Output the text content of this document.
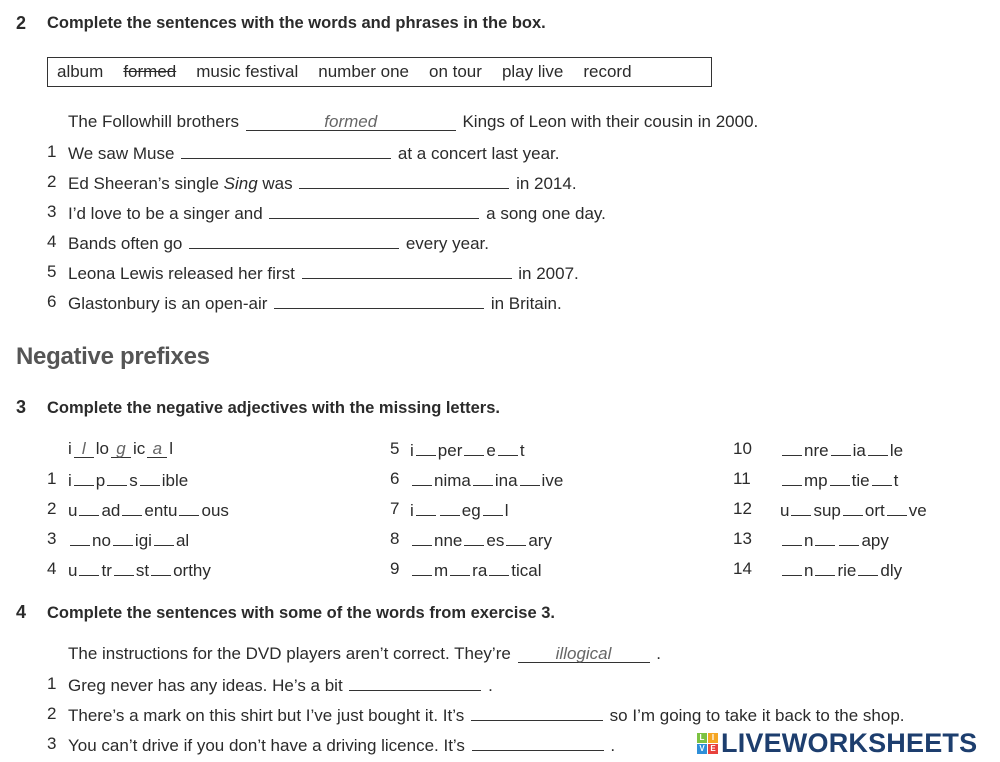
2 Complete the sentences with the words and phrases in the box.
album formed music festival number one on tour play live record
The Followhill brothers	formed	Kings of Leon with their cousin in 2000.
1 We saw Muse	at a concert last year.
2 Ed Sheeran’s single Sing was	in 2014.
3 I’d love to be a singer and	a song one day.
4 Bands often go	every year.
5 Leona Lewis released her first	in 2007.
6 Glastonbury is an open-air	in Britain.
Negative prefixes
3 Complete the negative adjectives with the missing letters.
i l lo g ic a l
1 i p s ible
2 u ad entu ous
3	no igi al
4 u tr st orthy
5 i per e t
6	nima ina ive
7 i	eg l
8	nne es ary
9	m ra tical
10	nre ia le
11	mp tie t
12 u sup ort ve
13	n	apy
14	n rie dly
4 Complete the sentences with some of the words from exercise 3.
The instructions for the DVD players aren’t correct. They’re illogical .
1 Greg never has any ideas. He’s a bit	.
2 There’s a mark on this shirt but I’ve just bought it. It’s	so I’m going to take it back to the shop.
3 You can’t drive if you don’t have a driving licence. It’s	.	L I
V E LIVEWORKSHEETS
